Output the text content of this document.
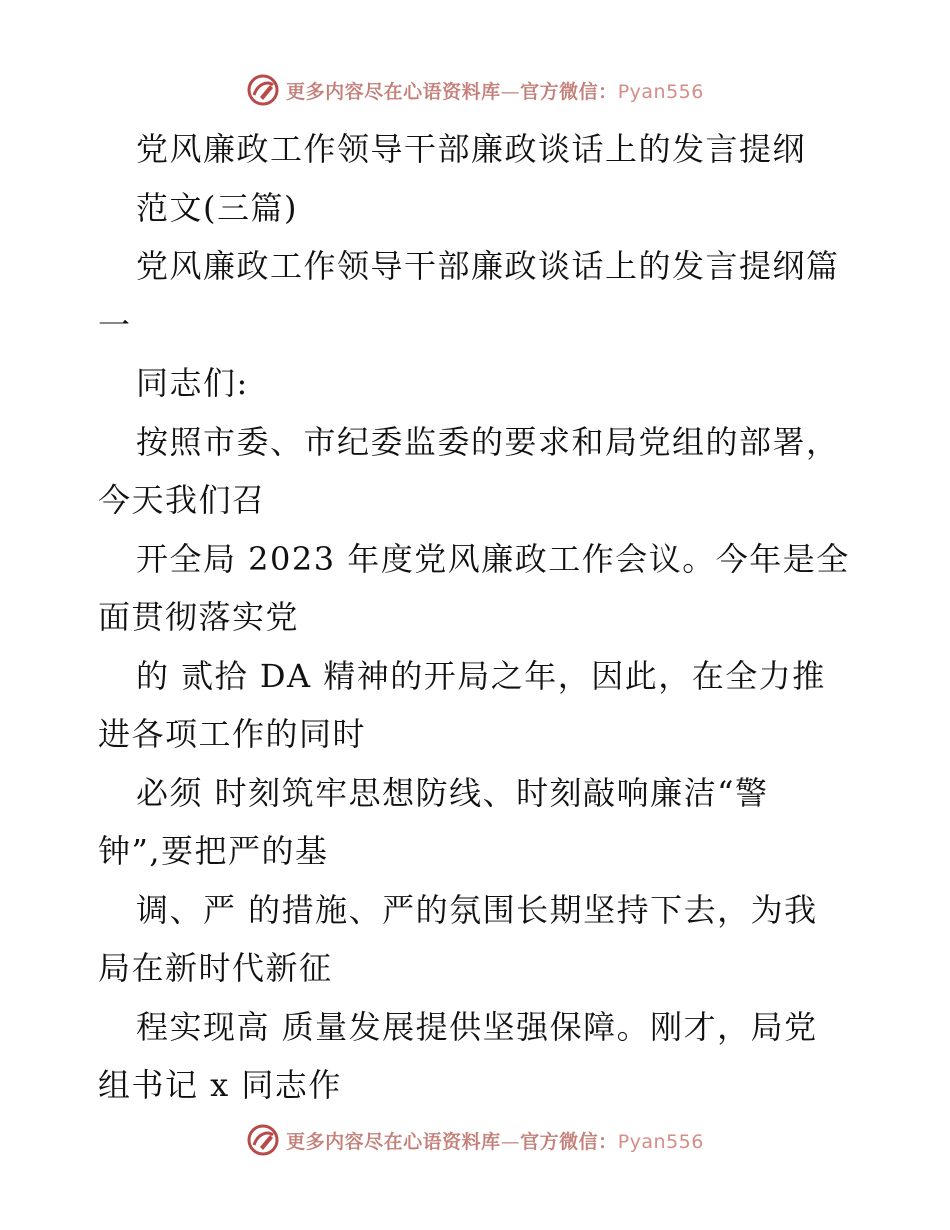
更多内容尽在心语资料库—官方微信：Pyan556
党风廉政工作领导干部廉政谈话上的发言提纲
范文(三篇)
党风廉政工作领导干部廉政谈话上的发言提纲篇
一
同志们:
按照市委、市纪委监委的要求和局党组的部署，
今天我们召
开全局 2023 年度党风廉政工作会议。今年是全
面贯彻落实党
的 贰拾 DA 精神的开局之年，因此，在全力推
进各项工作的同时
必须 时刻筑牢思想防线、时刻敲响廉洁“警
钟”,要把严的基
调、严 的措施、严的氛围长期坚持下去，为我
局在新时代新征
程实现高 质量发展提供坚强保障。刚才，局党
组书记 x 同志作
更多内容尽在心语资料库—官方微信：Pyan556
